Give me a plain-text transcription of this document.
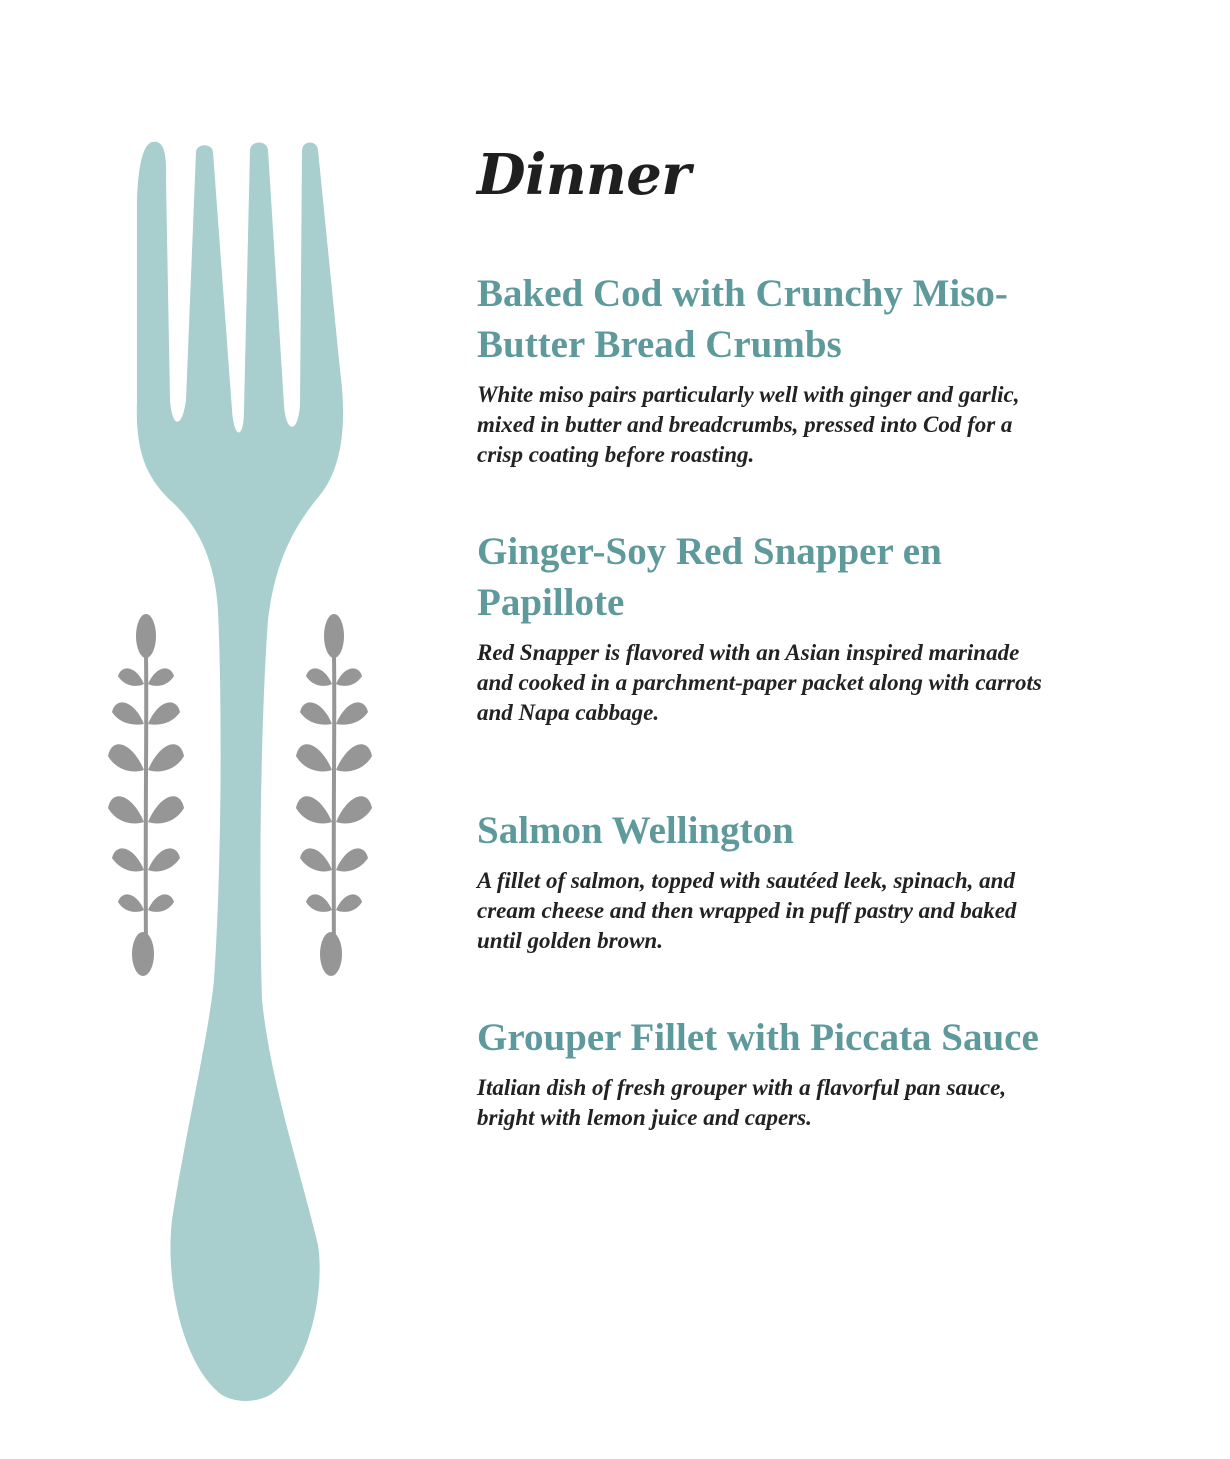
Dinner
Baked Cod with Crunchy Miso-Butter Bread Crumbs

White miso pairs particularly well with ginger and garlic, mixed in butter and breadcrumbs, pressed into Cod for a crisp coating before roasting.

Ginger-Soy Red Snapper en Papillote

Red Snapper is flavored with an Asian inspired marinade and cooked in a parchment-paper packet along with carrots and Napa cabbage.

Salmon Wellington

A fillet of salmon, topped with sautéed leek, spinach, and cream cheese and then wrapped in puff pastry and baked until golden brown.

Grouper Fillet with Piccata Sauce

Italian dish of fresh grouper with a flavorful pan sauce, bright with lemon juice and capers.
